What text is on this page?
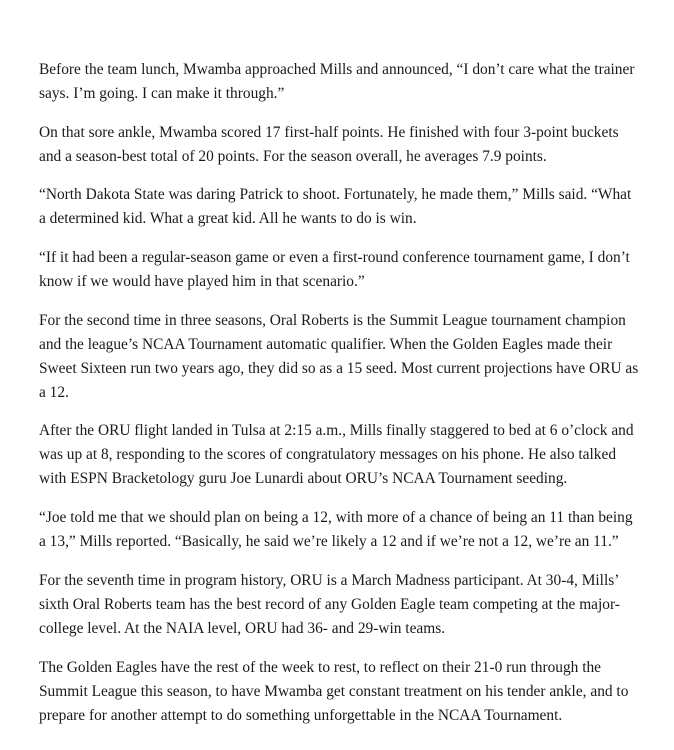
Before the team lunch, Mwamba approached Mills and announced, “I don’t care what the trainer says. I’m going. I can make it through.”

On that sore ankle, Mwamba scored 17 first-half points. He finished with four 3-point buckets and a season-best total of 20 points. For the season overall, he averages 7.9 points.

“North Dakota State was daring Patrick to shoot. Fortunately, he made them,” Mills said. “What a determined kid. What a great kid. All he wants to do is win.

“If it had been a regular-season game or even a first-round conference tournament game, I don’t know if we would have played him in that scenario.”

For the second time in three seasons, Oral Roberts is the Summit League tournament champion and the league’s NCAA Tournament automatic qualifier. When the Golden Eagles made their Sweet Sixteen run two years ago, they did so as a 15 seed. Most current projections have ORU as a 12.

After the ORU flight landed in Tulsa at 2:15 a.m., Mills finally staggered to bed at 6 o’clock and was up at 8, responding to the scores of congratulatory messages on his phone. He also talked with ESPN Bracketology guru Joe Lunardi about ORU’s NCAA Tournament seeding.

“Joe told me that we should plan on being a 12, with more of a chance of being an 11 than being a 13,” Mills reported. “Basically, he said we’re likely a 12 and if we’re not a 12, we’re an 11.”

For the seventh time in program history, ORU is a March Madness participant. At 30-4, Mills’ sixth Oral Roberts team has the best record of any Golden Eagle team competing at the major-college level. At the NAIA level, ORU had 36- and 29-win teams.

The Golden Eagles have the rest of the week to rest, to reflect on their 21-0 run through the Summit League this season, to have Mwamba get constant treatment on his tender ankle, and to prepare for another attempt to do something unforgettable in the NCAA Tournament.
